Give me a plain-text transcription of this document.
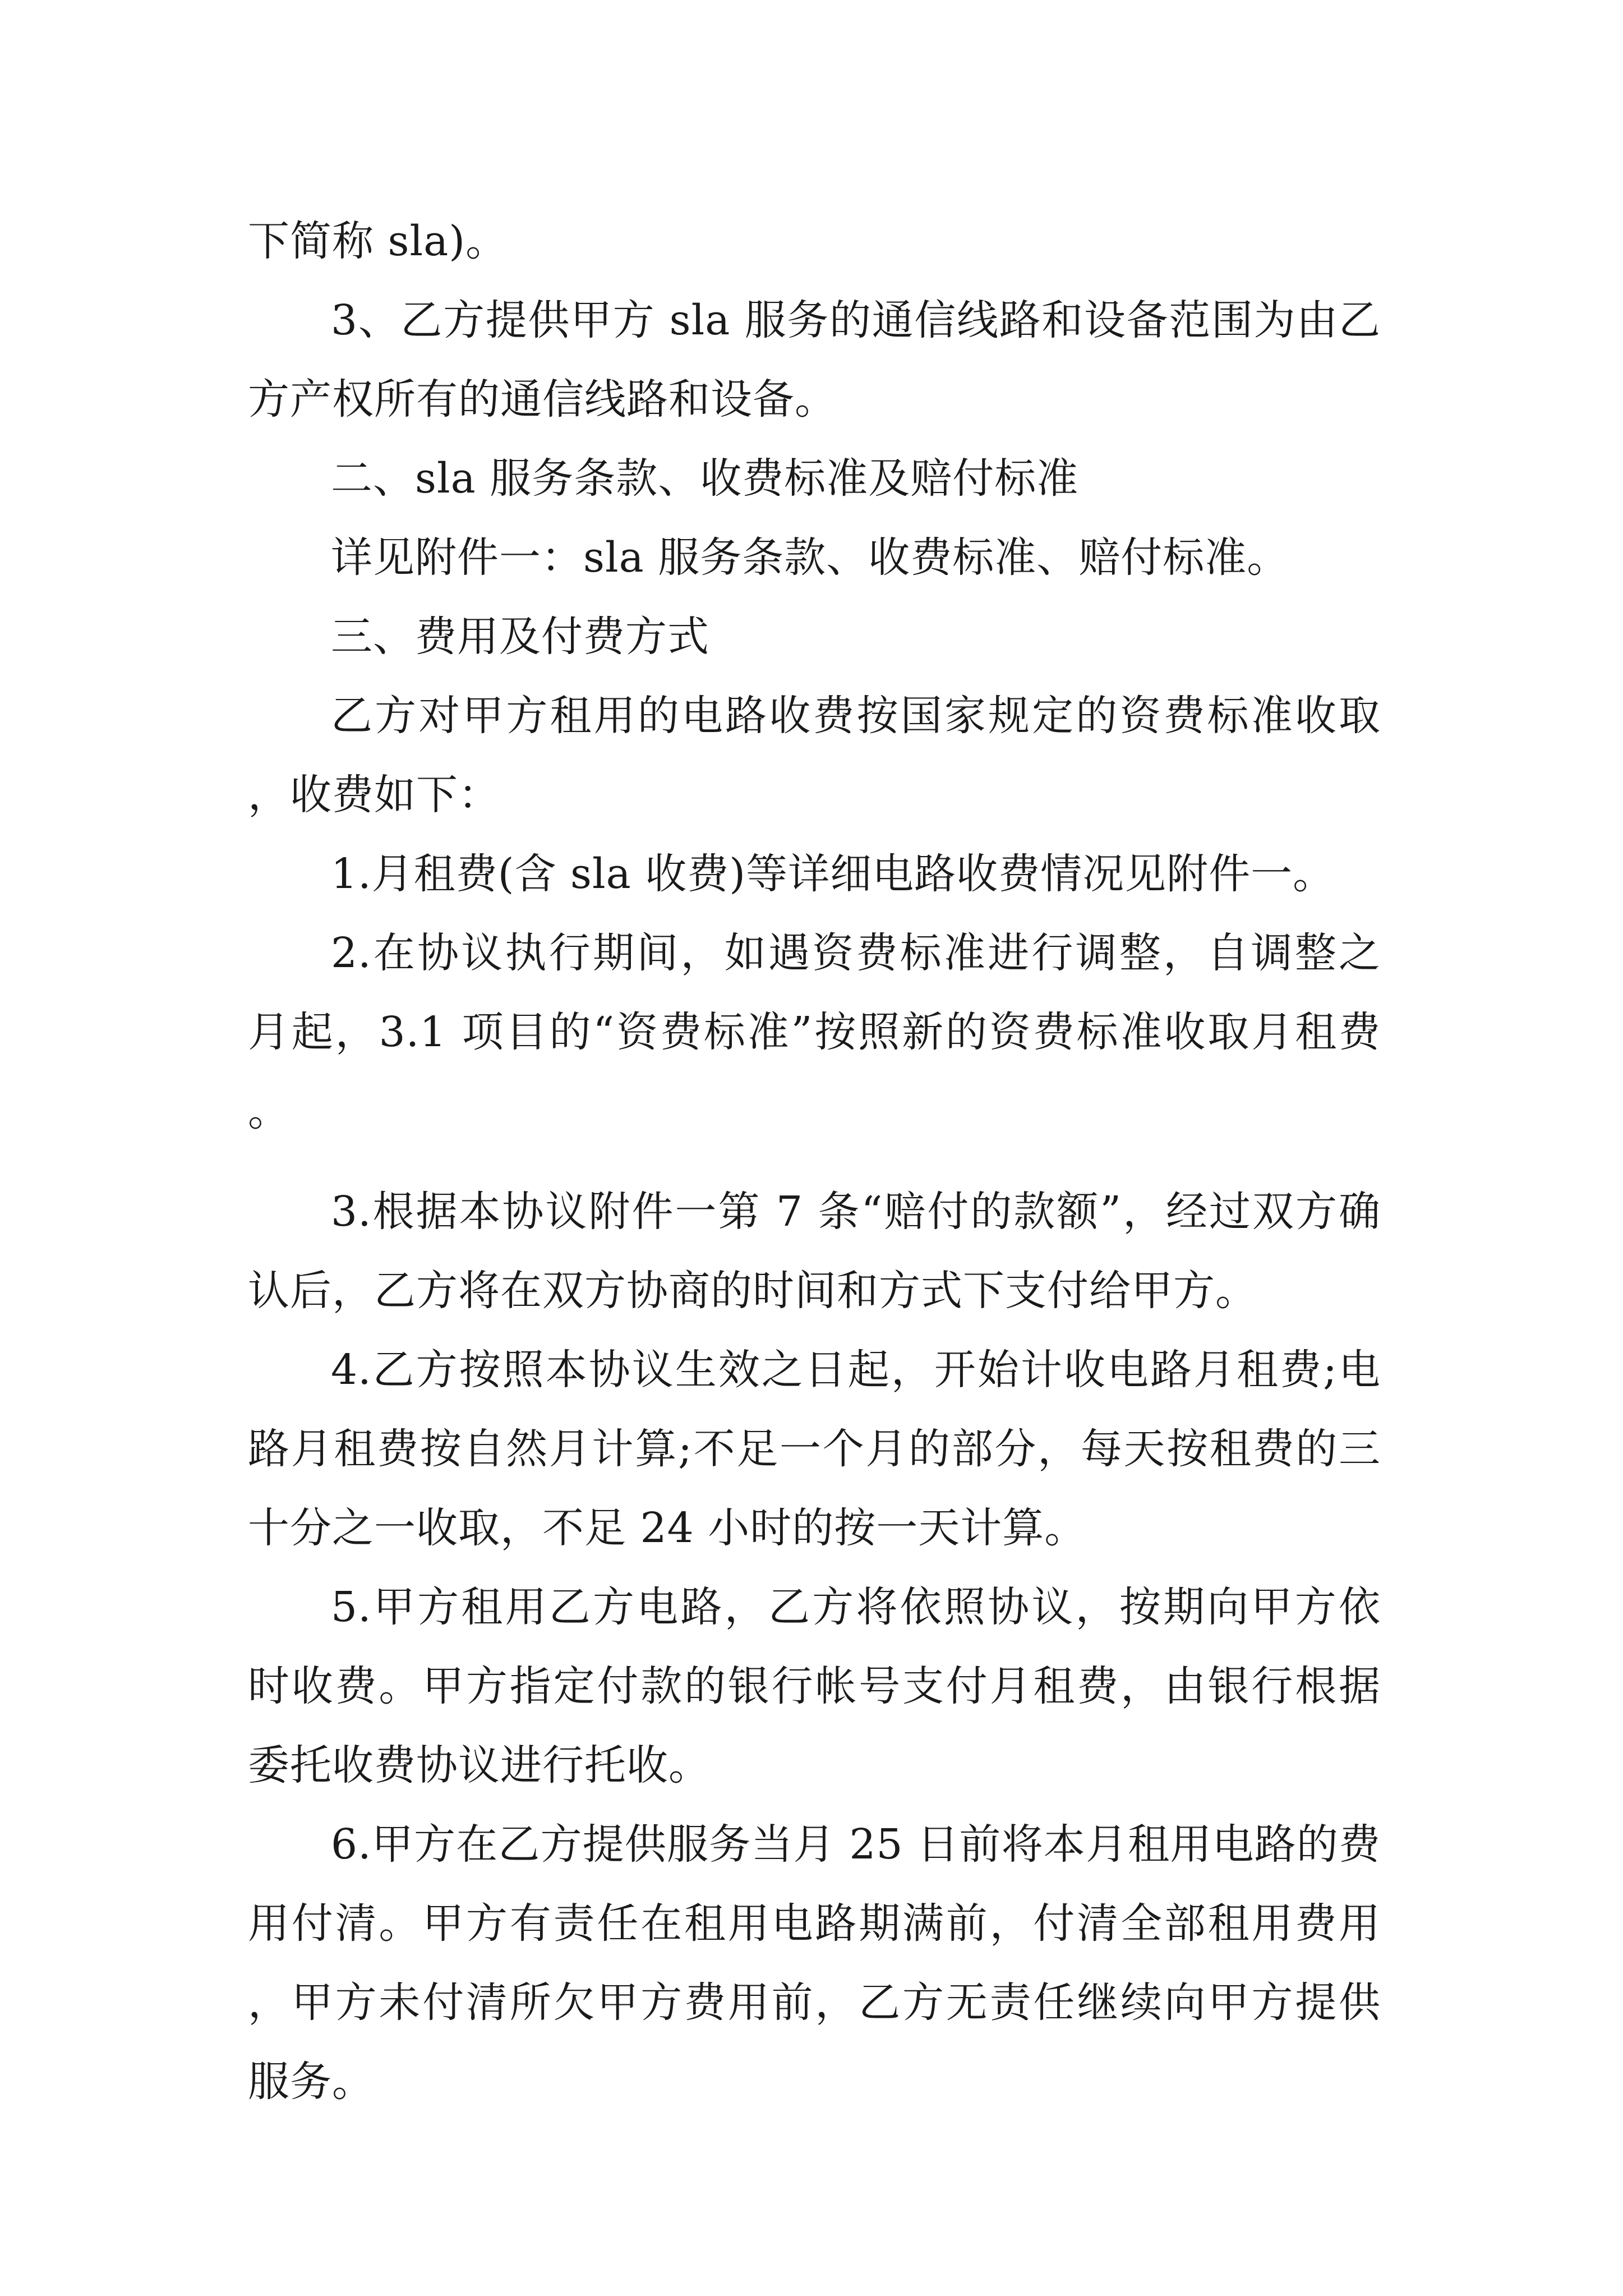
下简称 sla)。

3、乙方提供甲方 sla 服务的通信线路和设备范围为由乙方产权所有的通信线路和设备。

二、sla 服务条款、收费标准及赔付标准

详见附件一：sla 服务条款、收费标准、赔付标准。

三、费用及付费方式

乙方对甲方租用的电路收费按国家规定的资费标准收取，收费如下：

1.月租费(含 sla 收费)等详细电路收费情况见附件一。

2.在协议执行期间，如遇资费标准进行调整，自调整之月起，3.1 项目的“资费标准”按照新的资费标准收取月租费。

3.根据本协议附件一第 7 条“赔付的款额”，经过双方确认后，乙方将在双方协商的时间和方式下支付给甲方。

4.乙方按照本协议生效之日起，开始计收电路月租费;电路月租费按自然月计算;不足一个月的部分，每天按租费的三十分之一收取，不足 24 小时的按一天计算。

5.甲方租用乙方电路，乙方将依照协议，按期向甲方依时收费。甲方指定付款的银行帐号支付月租费，由银行根据委托收费协议进行托收。

6.甲方在乙方提供服务当月 25 日前将本月租用电路的费用付清。甲方有责任在租用电路期满前，付清全部租用费用，甲方未付清所欠甲方费用前，乙方无责任继续向甲方提供服务。
